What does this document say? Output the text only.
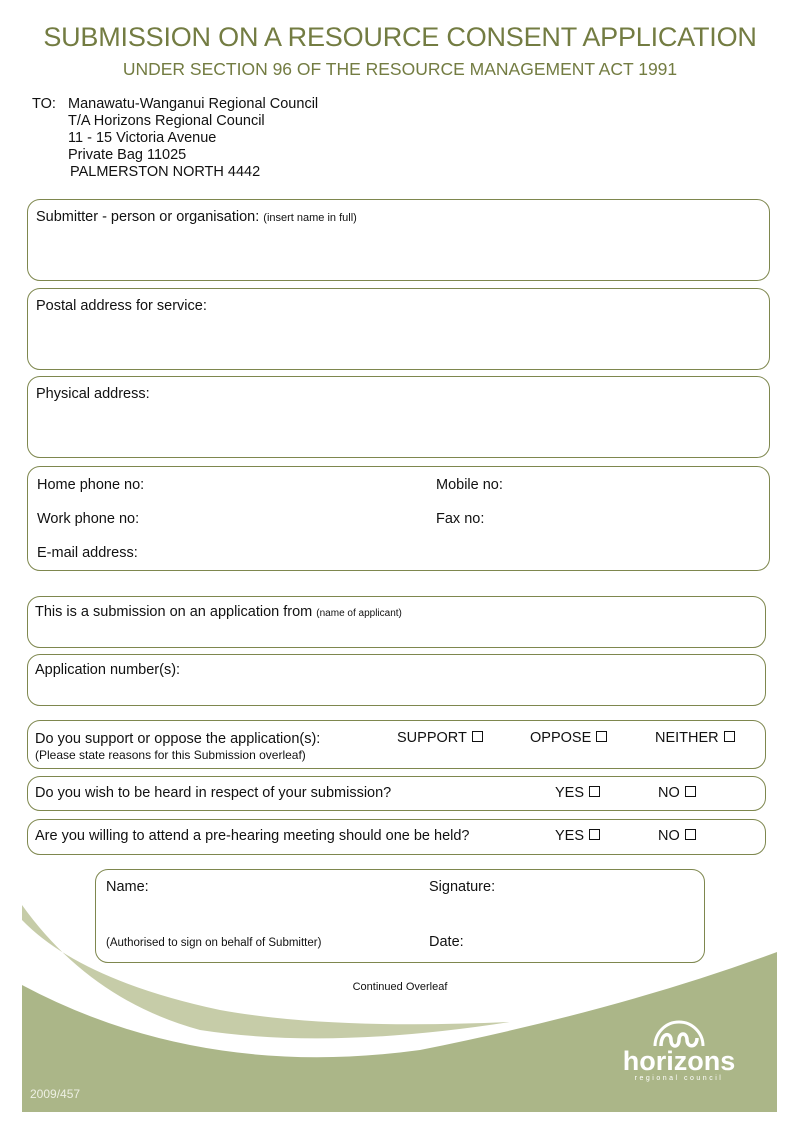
SUBMISSION ON A RESOURCE CONSENT APPLICATION
UNDER SECTION 96 OF THE RESOURCE MANAGEMENT ACT 1991
TO: Manawatu-Wanganui Regional Council
T/A Horizons Regional Council
11 - 15 Victoria Avenue
Private Bag 11025
PALMERSTON NORTH 4442
Submitter - person or organisation: (insert name in full)
Postal address for service:
Physical address:
Home phone no:	Mobile no:
Work phone no:	Fax no:
E-mail address:
This is a submission on an application from (name of applicant)
Application number(s):
Do you support or oppose the application(s):
(Please state reasons for this Submission overleaf)
SUPPORT	OPPOSE	NEITHER
Do you wish to be heard in respect of your submission?	YES	NO
Are you willing to attend a pre-hearing meeting should one be held?	YES	NO
Name:	Signature:
(Authorised to sign on behalf of Submitter)	Date:
Continued Overleaf
2009/457
horizons
regional council
